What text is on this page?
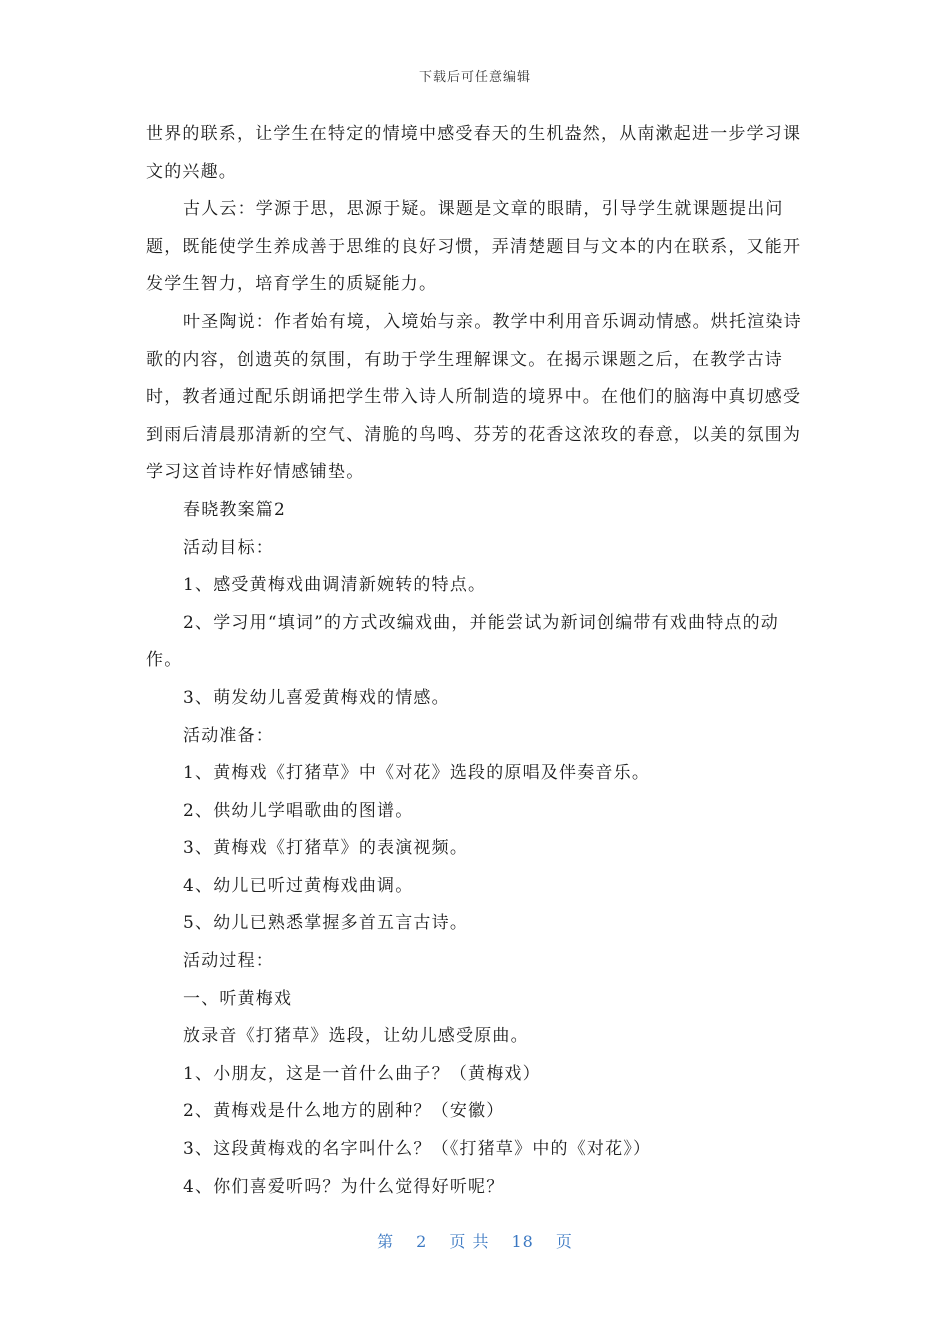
下载后可任意编辑

世界的联系，让学生在特定的情境中感受春天的生机盎然，从南漱起进一步学习课文的兴趣。

古人云：学源于思，思源于疑。课题是文章的眼睛，引导学生就课题提出问题，既能使学生养成善于思维的良好习惯，弄清楚题目与文本的内在联系，又能开发学生智力，培育学生的质疑能力。

叶圣陶说：作者始有境，入境始与亲。教学中利用音乐调动情感。烘托渲染诗歌的内容，创遗英的氛围，有助于学生理解课文。在揭示课题之后，在教学古诗时，教者通过配乐朗诵把学生带入诗人所制造的境界中。在他们的脑海中真切感受到雨后清晨那清新的空气、清脆的鸟鸣、芬芳的花香这浓玫的春意，以美的氛围为学习这首诗柞好情感铺垫。

春晓教案篇2

活动目标：

1、感受黄梅戏曲调清新婉转的特点。

2、学习用“填词”的方式改编戏曲，并能尝试为新词创编带有戏曲特点的动作。

3、萌发幼儿喜爱黄梅戏的情感。

活动准备：

1、黄梅戏《打猪草》中《对花》选段的原唱及伴奏音乐。

2、供幼儿学唱歌曲的图谱。

3、黄梅戏《打猪草》的表演视频。

4、幼儿已听过黄梅戏曲调。

5、幼儿已熟悉掌握多首五言古诗。

活动过程：

一、听黄梅戏

放录音《打猪草》选段，让幼儿感受原曲。

1、小朋友，这是一首什么曲子？（黄梅戏）

2、黄梅戏是什么地方的剧种？（安徽）

3、这段黄梅戏的名字叫什么？（《打猪草》中的《对花》）

4、你们喜爱听吗？为什么觉得好听呢？

第 2 页 共 18 页
